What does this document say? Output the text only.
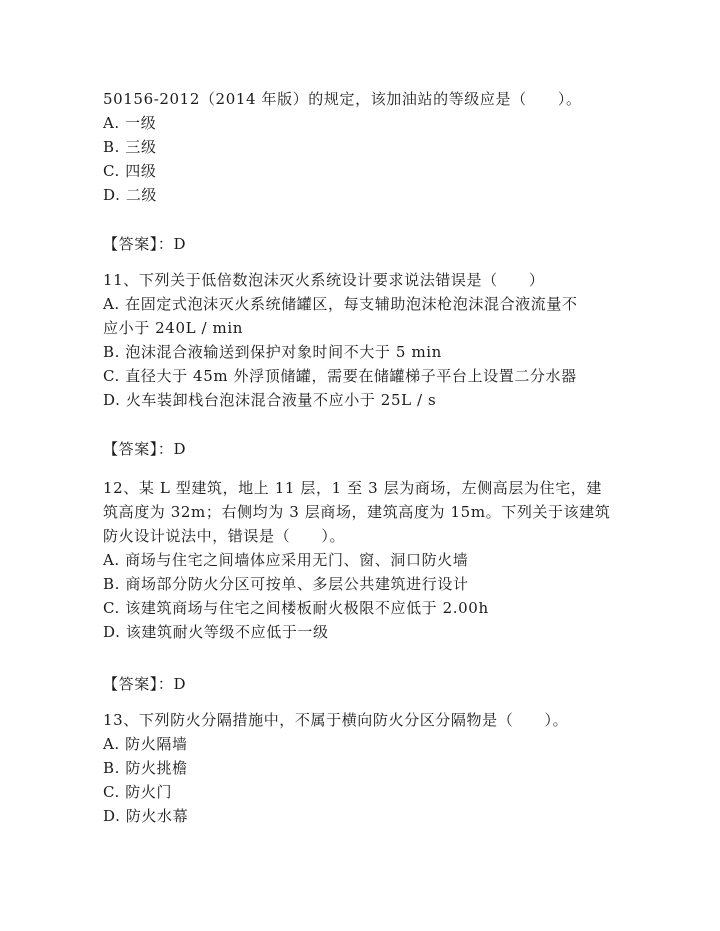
50156-2012（2014 年版）的规定，该加油站的等级应是（　　）。
A. 一级
B. 三级
C. 四级
D. 二级
【答案】：D
11、下列关于低倍数泡沫灭火系统设计要求说法错误是（　　）
A. 在固定式泡沫灭火系统储罐区，每支辅助泡沫枪泡沫混合液流量不
应小于 240L / min
B. 泡沫混合液输送到保护对象时间不大于 5 min
C. 直径大于 45m 外浮顶储罐，需要在储罐梯子平台上设置二分水器
D. 火车装卸栈台泡沫混合液量不应小于 25L / s
【答案】：D
12、某 L 型建筑，地上 11 层，1 至 3 层为商场，左侧高层为住宅，建
筑高度为 32m；右侧均为 3 层商场，建筑高度为 15m。下列关于该建筑
防火设计说法中，错误是（　　）。
A. 商场与住宅之间墙体应采用无门、窗、洞口防火墙
B. 商场部分防火分区可按单、多层公共建筑进行设计
C. 该建筑商场与住宅之间楼板耐火极限不应低于 2.00h
D. 该建筑耐火等级不应低于一级
【答案】：D
13、下列防火分隔措施中，不属于横向防火分区分隔物是（　　）。
A. 防火隔墙
B. 防火挑檐
C. 防火门
D. 防火水幕
